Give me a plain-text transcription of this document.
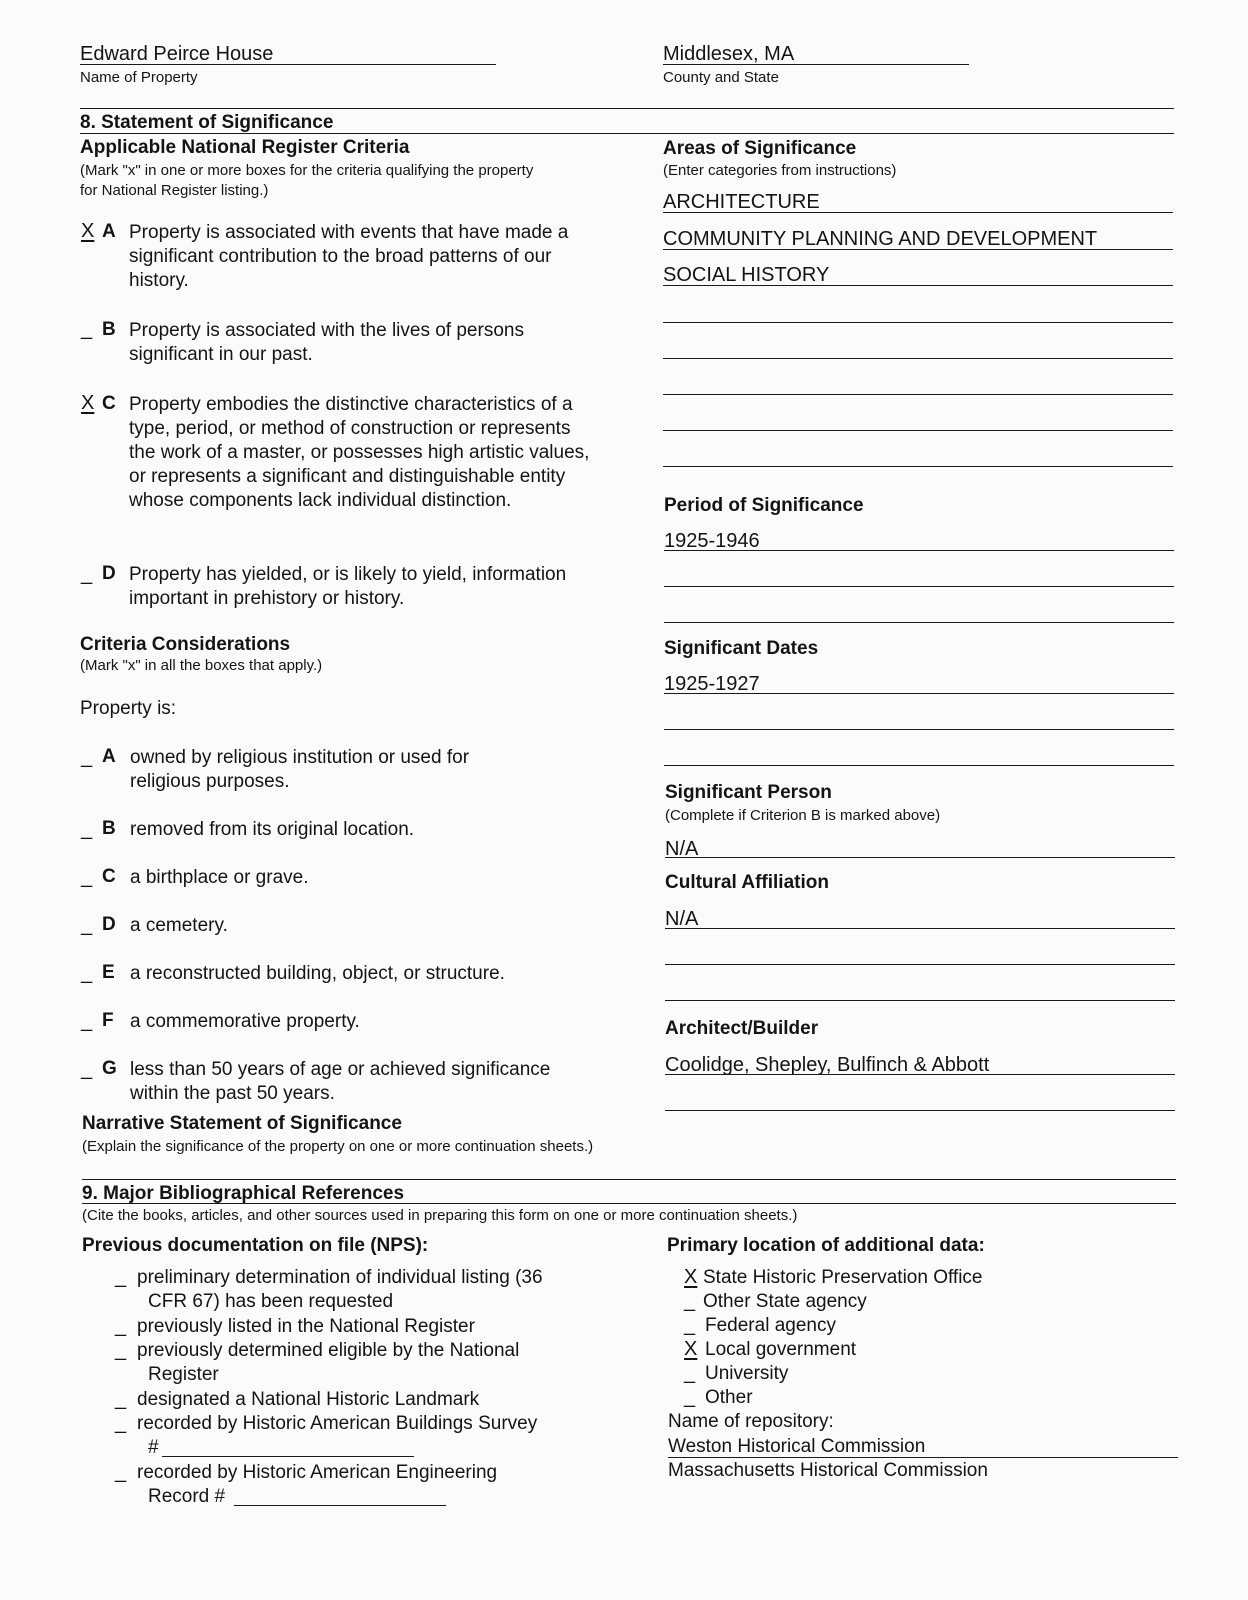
Edward Peirce House
Name of Property
Middlesex, MA
County and State
8. Statement of Significance
Applicable National Register Criteria
(Mark "x" in one or more boxes for the criteria qualifying the property
for National Register listing.)
X A Property is associated with events that have made a significant contribution to the broad patterns of our history.
_ B Property is associated with the lives of persons significant in our past.
X C Property embodies the distinctive characteristics of a type, period, or method of construction or represents the work of a master, or possesses high artistic values, or represents a significant and distinguishable entity whose components lack individual distinction.
_ D Property has yielded, or is likely to yield, information important in prehistory or history.
Criteria Considerations
(Mark "x" in all the boxes that apply.)
Property is:
_ A owned by religious institution or used for religious purposes.
_ B removed from its original location.
_ C a birthplace or grave.
_ D a cemetery.
_ E a reconstructed building, object, or structure.
_ F a commemorative property.
_ G less than 50 years of age or achieved significance within the past 50 years.
Narrative Statement of Significance
(Explain the significance of the property on one or more continuation sheets.)
Areas of Significance
(Enter categories from instructions)
ARCHITECTURE
COMMUNITY PLANNING AND DEVELOPMENT
SOCIAL HISTORY
Period of Significance
1925-1946
Significant Dates
1925-1927
Significant Person
(Complete if Criterion B is marked above)
N/A
Cultural Affiliation
N/A
Architect/Builder
Coolidge, Shepley, Bulfinch & Abbott
9. Major Bibliographical References
(Cite the books, articles, and other sources used in preparing this form on one or more continuation sheets.)
Previous documentation on file (NPS):
_ preliminary determination of individual listing (36
CFR 67) has been requested
_ previously listed in the National Register
_ previously determined eligible by the National
Register
_ designated a National Historic Landmark
_ recorded by Historic American Buildings Survey
#
_ recorded by Historic American Engineering
Record #
Primary location of additional data:
X State Historic Preservation Office
_ Other State agency
_ Federal agency
X Local government
_ University
_ Other
Name of repository:
Weston Historical Commission
Massachusetts Historical Commission
